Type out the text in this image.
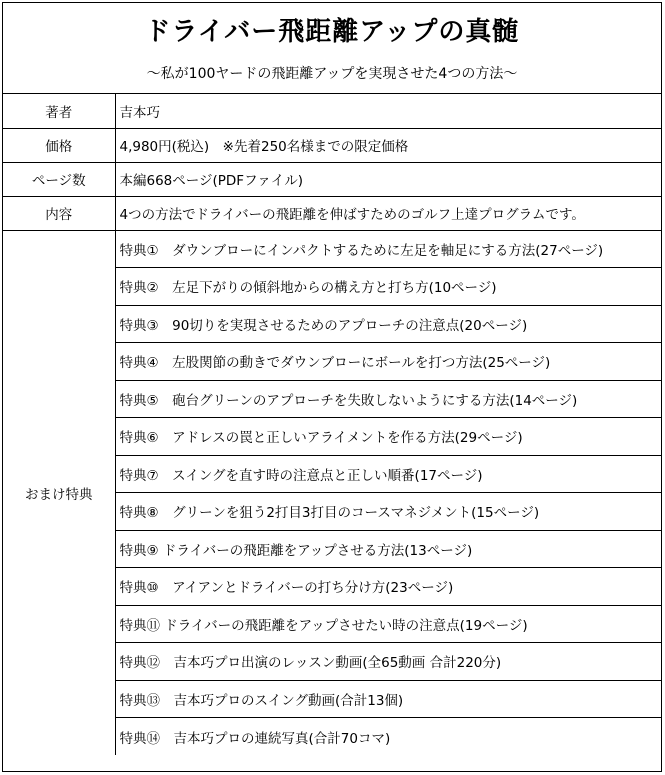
ドライバー飛距離アップの真髄
～私が100ヤードの飛距離アップを実現させた4つの方法～
著者	吉本巧
価格	4,980円(税込)　※先着250名様までの限定価格
ページ数	本編668ページ(PDFファイル)
内容	4つの方法でドライバーの飛距離を伸ばすためのゴルフ上達プログラムです。
おまけ特典	特典①　ダウンブローにインパクトするために左足を軸足にする方法(27ページ)
	特典②　左足下がりの傾斜地からの構え方と打ち方(10ページ)
	特典③　90切りを実現させるためのアプローチの注意点(20ページ)
	特典④　左股関節の動きでダウンブローにボールを打つ方法(25ページ)
	特典⑤　砲台グリーンのアプローチを失敗しないようにする方法(14ページ)
	特典⑥　アドレスの罠と正しいアライメントを作る方法(29ページ)
	特典⑦　スイングを直す時の注意点と正しい順番(17ページ)
	特典⑧　グリーンを狙う2打目3打目のコースマネジメント(15ページ)
	特典⑨ ドライバーの飛距離をアップさせる方法(13ページ)
	特典⑩　アイアンとドライバーの打ち分け方(23ページ)
	特典⑪ ドライバーの飛距離をアップさせたい時の注意点(19ページ)
	特典⑫　吉本巧プロ出演のレッスン動画(全65動画 合計220分)
	特典⑬　吉本巧プロのスイング動画(合計13個)
	特典⑭　吉本巧プロの連続写真(合計70コマ)
